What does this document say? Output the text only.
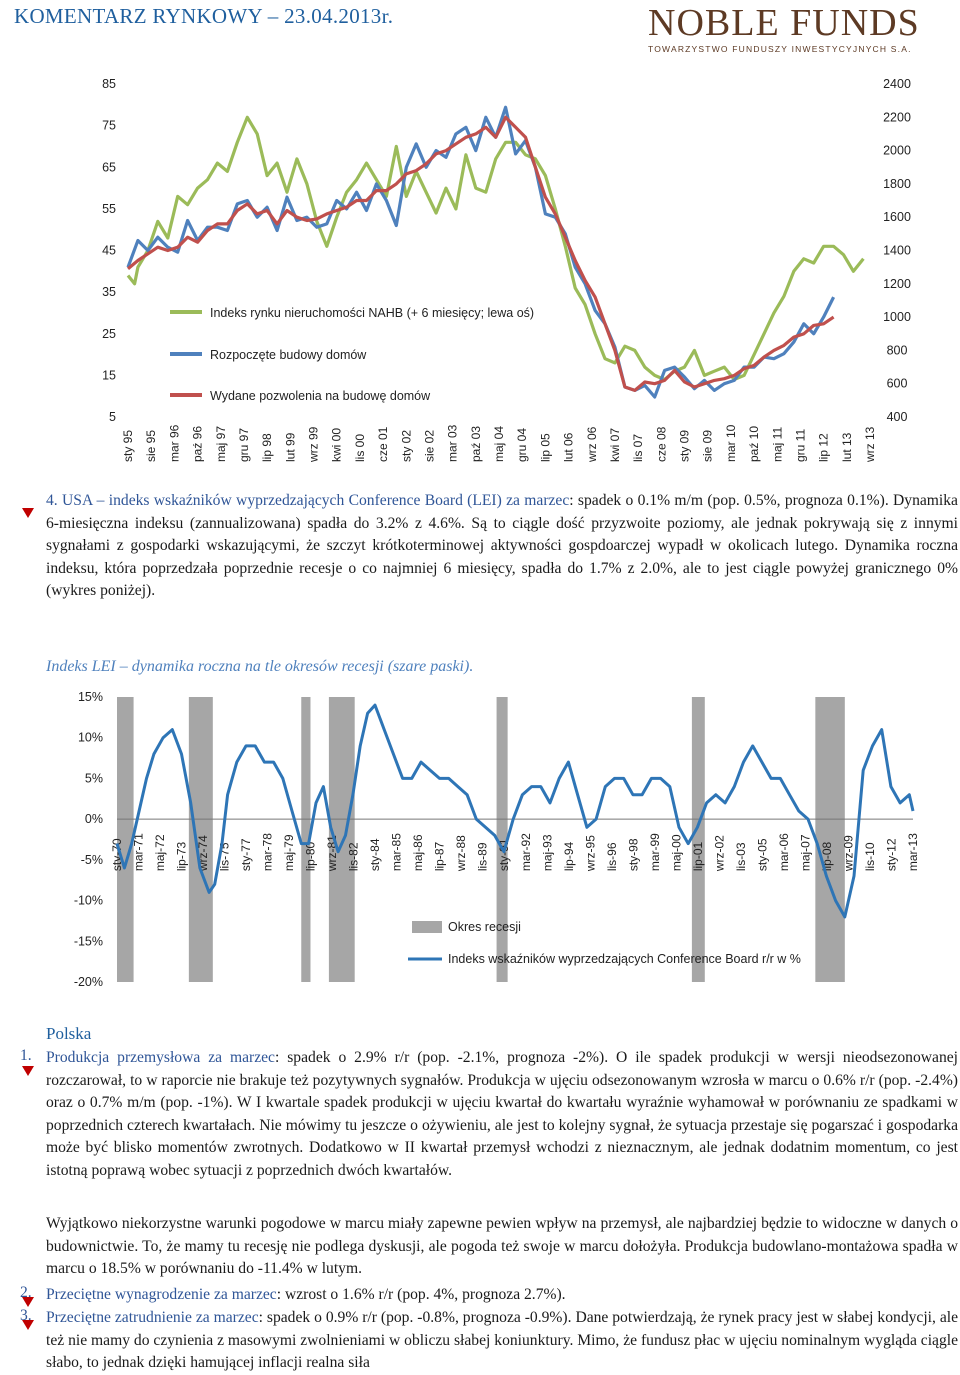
KOMENTARZ RYNKOWY – 23.04.2013r.	NOBLE FUNDS
TOWARZYSTWO FUNDUSZY INWESTYCYJNYCH S.A.
85
75
65
55
45
35
25
15
5
2400
2200
2000
1800
1600
1400
1200
1000
800
600
400
sty 95 sie 95 mar 96 paź 96 maj 97 gru 97 lip 98 lut 99 wrz 99 kwi 00 lis 00 cze 01 sty 02 sie 02 mar 03 paź 03 maj 04 gru 04 lip 05 lut 06 wrz 06 kwi 07 lis 07 cze 08 sty 09 sie 09 mar 10 paź 10 maj 11 gru 11 lip 12 lut 13 wrz 13
Indeks rynku nieruchomości NAHB (+ 6 miesięcy; lewa oś)
Rozpoczęte budowy domów
Wydane pozwolenia na budowę domów
4. USA – indeks wskaźników wyprzedzających Conference Board (LEI) za marzec: spadek o 0.1% m/m (pop. 0.5%, prognoza 0.1%). Dynamika 6-miesięczna indeksu (zannualizowana) spadła do 3.2% z 4.6%. Są to ciągle dość przyzwoite poziomy, ale jednak pokrywają się z innymi sygnałami z gospodarki wskazującymi, że szczyt krótkoterminowej aktywności gospdoarczej wypadł w okolicach lutego. Dynamika roczna indeksu, która poprzedzała poprzednie recesje o co najmniej 6 miesięcy, spadła do 1.7% z 2.0%, ale to jest ciągle powyżej granicznego 0% (wykres poniżej).
Indeks LEI – dynamika roczna na tle okresów recesji (szare paski).
15%
10%
5%
0%
-5%
-10%
-15%
-20%
sty-70 mar-71 maj-72 lip-73 wrz-74 lis-75 sty-77 mar-78 maj-79 lip-80 wrz-81 lis-82 sty-84 mar-85 maj-86 lip-87 wrz-88 lis-89 sty-91 mar-92 maj-93 lip-94 wrz-95 lis-96 sty-98 mar-99 maj-00 lip-01 wrz-02 lis-03 sty-05 mar-06 maj-07 lip-08 wrz-09 lis-10 sty-12 mar-13
Okres recesji
Indeks wskaźników wyprzedzających Conference Board r/r w %
Polska
1. Produkcja przemysłowa za marzec: spadek o 2.9% r/r (pop. -2.1%, prognoza -2%). O ile spadek produkcji w wersji nieodsezonowanej rozczarował, to w raporcie nie brakuje też pozytywnych sygnałów. Produkcja w ujęciu odsezonowanym wzrosła w marcu o 0.6% r/r (pop. -2.4%) oraz o 0.7% m/m (pop. -1%). W I kwartale spadek produkcji w ujęciu kwartał do kwartału wyraźnie wyhamował w porównaniu ze spadkami w poprzednich czterech kwartałach. Nie mówimy tu jeszcze o ożywieniu, ale jest to kolejny sygnał, że sytuacja przestaje się pogarszać i gospodarka może być blisko momentów zwrotnych. Dodatkowo w II kwartał przemysł wchodzi z nieznacznym, ale jednak dodatnim momentum, co jest istotną poprawą wobec sytuacji z poprzednich dwóch kwartałów.
Wyjątkowo niekorzystne warunki pogodowe w marcu miały zapewne pewien wpływ na przemysł, ale najbardziej będzie to widoczne w danych o budownictwie. To, że mamy tu recesję nie podlega dyskusji, ale pogoda też swoje w marcu dołożyła. Produkcja budowlano-montażowa spadła w marcu o 18.5% w porównaniu do -11.4% w lutym.
2. Przeciętne wynagrodzenie za marzec: wzrost o 1.6% r/r (pop. 4%, prognoza 2.7%).
3. Przeciętne zatrudnienie za marzec: spadek o 0.9% r/r (pop. -0.8%, prognoza -0.9%). Dane potwierdzają, że rynek pracy jest w słabej kondycji, ale też nie mamy do czynienia z masowymi zwolnieniami w obliczu słabej koniunktury. Mimo, że fundusz płac w ujęciu nominalnym wygląda ciągle słabo, to jednak dzięki hamującej inflacji realna siła
